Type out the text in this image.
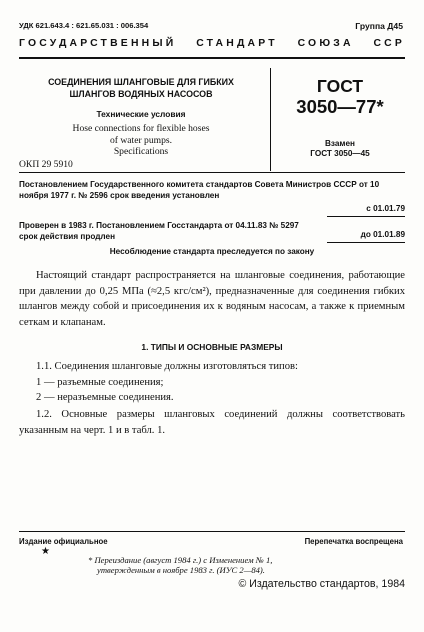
УДК 621.643.4 : 621.65.031 : 006.354	Группа Д45
ГОСУДАРСТВЕННЫЙ СТАНДАРТ СОЮЗА ССР
СОЕДИНЕНИЯ ШЛАНГОВЫЕ ДЛЯ ГИБКИХ
ШЛАНГОВ ВОДЯНЫХ НАСОСОВ
Технические условия
Hose connections for flexible hoses
of water pumps.
Specifications
ОКП 29 5910
ГОСТ
3050—77*
Взамен
ГОСТ 3050—45
Постановлением Государственного комитета стандартов Совета Министров СССР от 10 ноября 1977 г. № 2596 срок введения установлен
с 01.01.79
Проверен в 1983 г. Постановлением Госстандарта от 04.11.83 № 5297 срок действия продлен	до 01.01.89
Несоблюдение стандарта преследуется по закону
Настоящий стандарт распространяется на шланговые соединения, работающие при давлении до 0,25 МПа (≈2,5 кгс/см²), предназначенные для соединения гибких шлангов между собой и присоединения их к водяным насосам, а также к приемным сеткам и клапанам.
1. ТИПЫ И ОСНОВНЫЕ РАЗМЕРЫ
1.1. Соединения шланговые должны изготовляться типов:
1 — разъемные соединения;
2 — неразъемные соединения.
1.2. Основные размеры шланговых соединений должны соответствовать указанным на черт. 1 и в табл. 1.
Издание официальное
★
Перепечатка воспрещена
* Переиздание (август 1984 г.) с Изменением № 1,
утвержденным в ноябре 1983 г. (ИУС 2—84).
© Издательство стандартов, 1984
